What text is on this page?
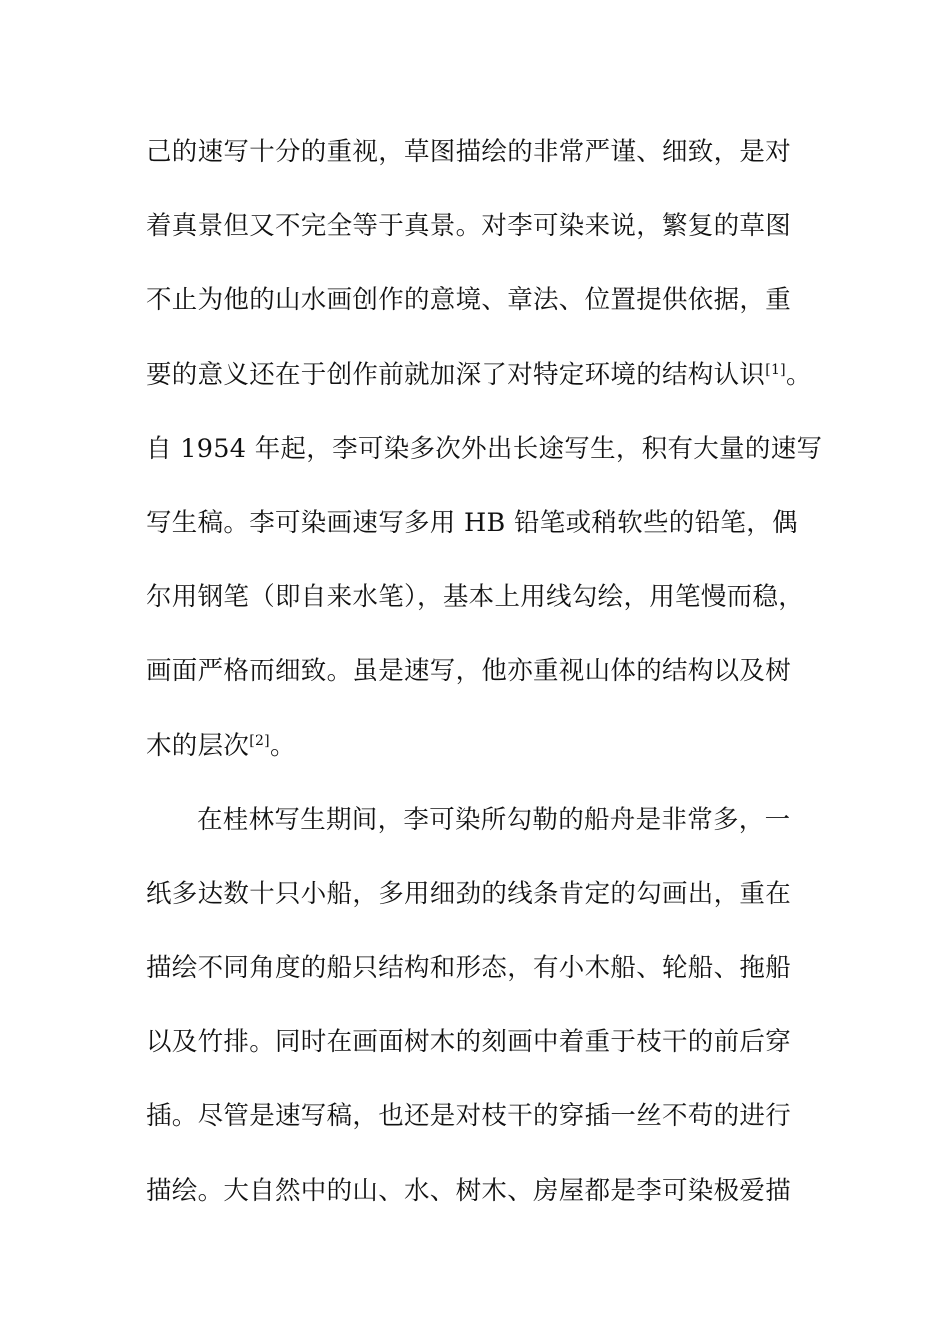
己的速写十分的重视，草图描绘的非常严谨、细致，是对
着真景但又不完全等于真景。对李可染来说，繁复的草图
不止为他的山水画创作的意境、章法、位置提供依据，重
要的意义还在于创作前就加深了对特定环境的结构认识[1]。
自 1954 年起，李可染多次外出长途写生，积有大量的速写
写生稿。李可染画速写多用 HB 铅笔或稍软些的铅笔，偶
尔用钢笔（即自来水笔），基本上用线勾绘，用笔慢而稳，
画面严格而细致。虽是速写，他亦重视山体的结构以及树
木的层次[2]。
在桂林写生期间，李可染所勾勒的船舟是非常多，一
纸多达数十只小船，多用细劲的线条肯定的勾画出，重在
描绘不同角度的船只结构和形态，有小木船、轮船、拖船
以及竹排。同时在画面树木的刻画中着重于枝干的前后穿
插。尽管是速写稿，也还是对枝干的穿插一丝不苟的进行
描绘。大自然中的山、水、树木、房屋都是李可染极爱描
